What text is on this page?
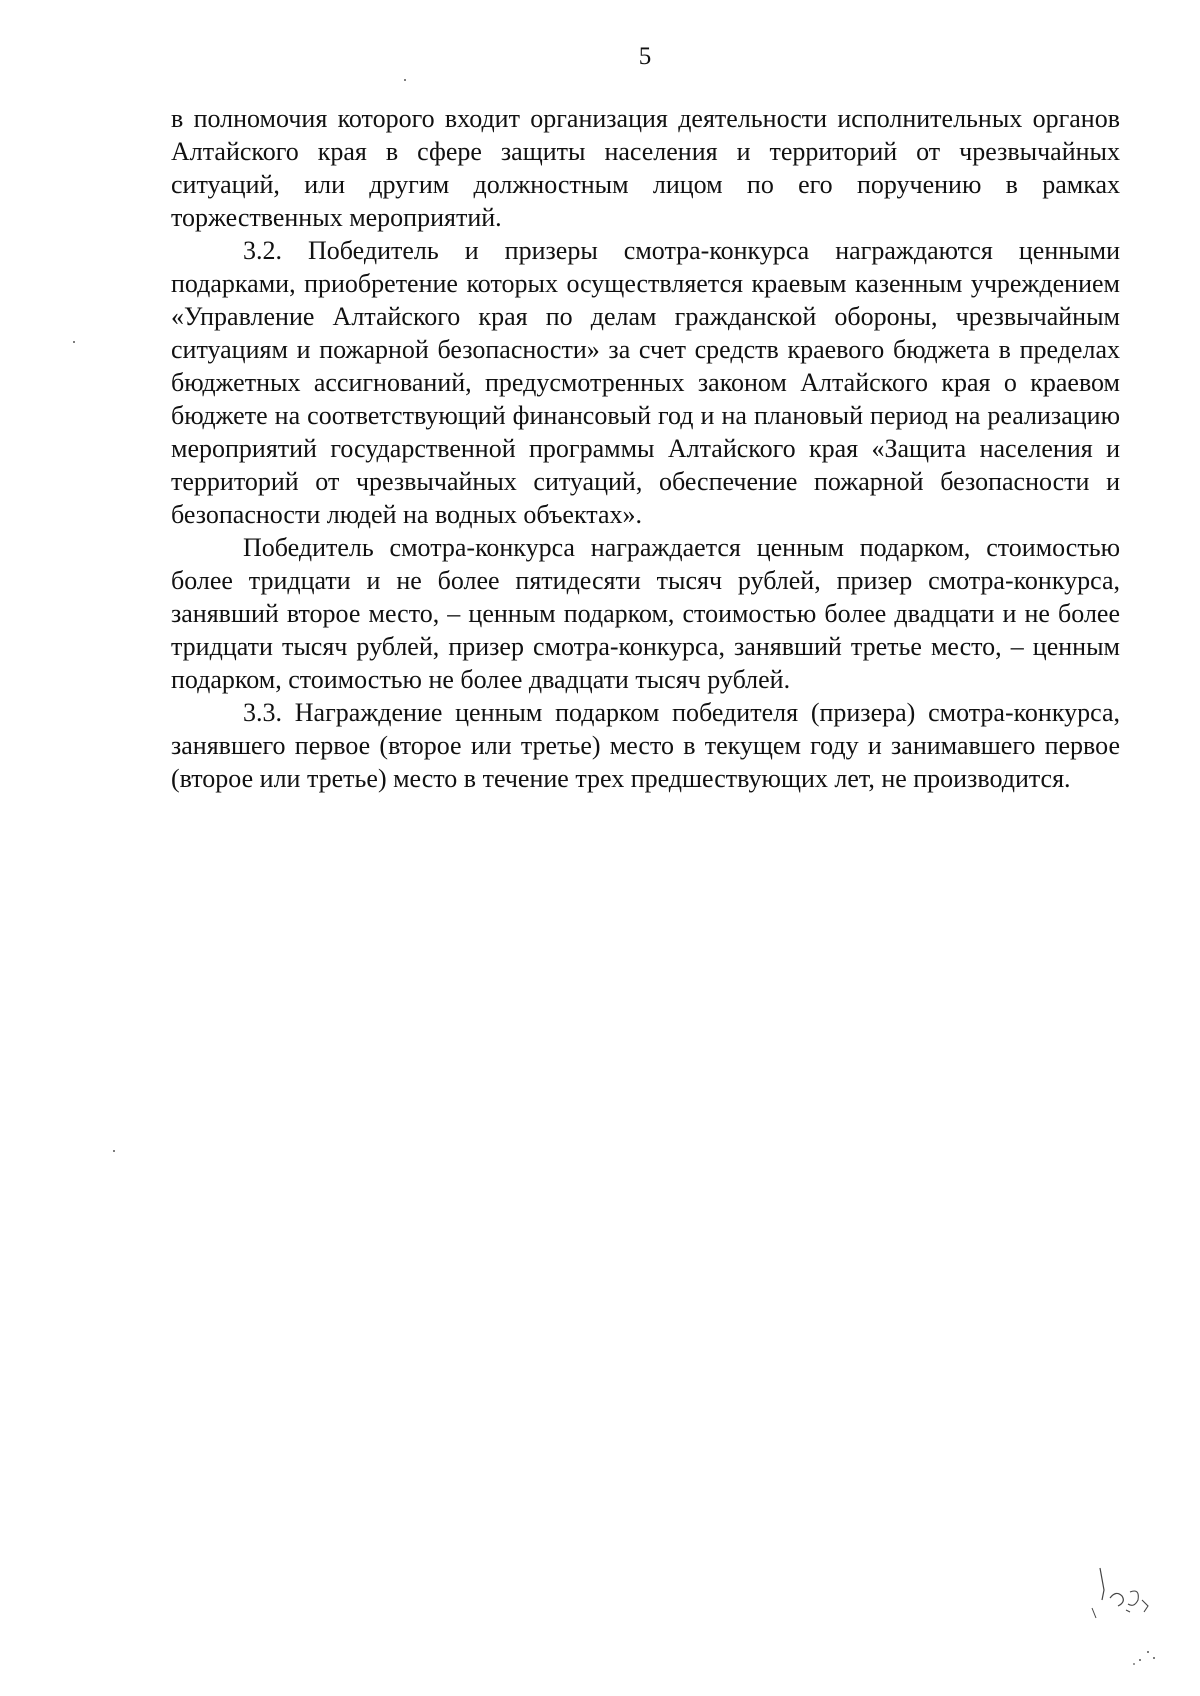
5

в полномочия которого входит организация деятельности исполнительных органов Алтайского края в сфере защиты населения и территорий от чрезвычайных ситуаций, или другим должностным лицом по его поручению в рамках торжественных мероприятий.

3.2. Победитель и призеры смотра-конкурса награждаются ценными подарками, приобретение которых осуществляется краевым казенным учреждением «Управление Алтайского края по делам гражданской обороны, чрезвычайным ситуациям и пожарной безопасности» за счет средств краевого бюджета в пределах бюджетных ассигнований, предусмотренных законом Алтайского края о краевом бюджете на соответствующий финансовый год и на плановый период на реализацию мероприятий государственной программы Алтайского края «Защита населения и территорий от чрезвычайных ситуаций, обеспечение пожарной безопасности и безопасности людей на водных объектах».

Победитель смотра-конкурса награждается ценным подарком, стоимостью более тридцати и не более пятидесяти тысяч рублей, призер смотра-конкурса, занявший второе место, – ценным подарком, стоимостью более двадцати и не более тридцати тысяч рублей, призер смотра-конкурса, занявший третье место, – ценным подарком, стоимостью не более двадцати тысяч рублей.

3.3. Награждение ценным подарком победителя (призера) смотра-конкурса, занявшего первое (второе или третье) место в текущем году и занимавшего первое (второе или третье) место в течение трех предшествующих лет, не производится.
